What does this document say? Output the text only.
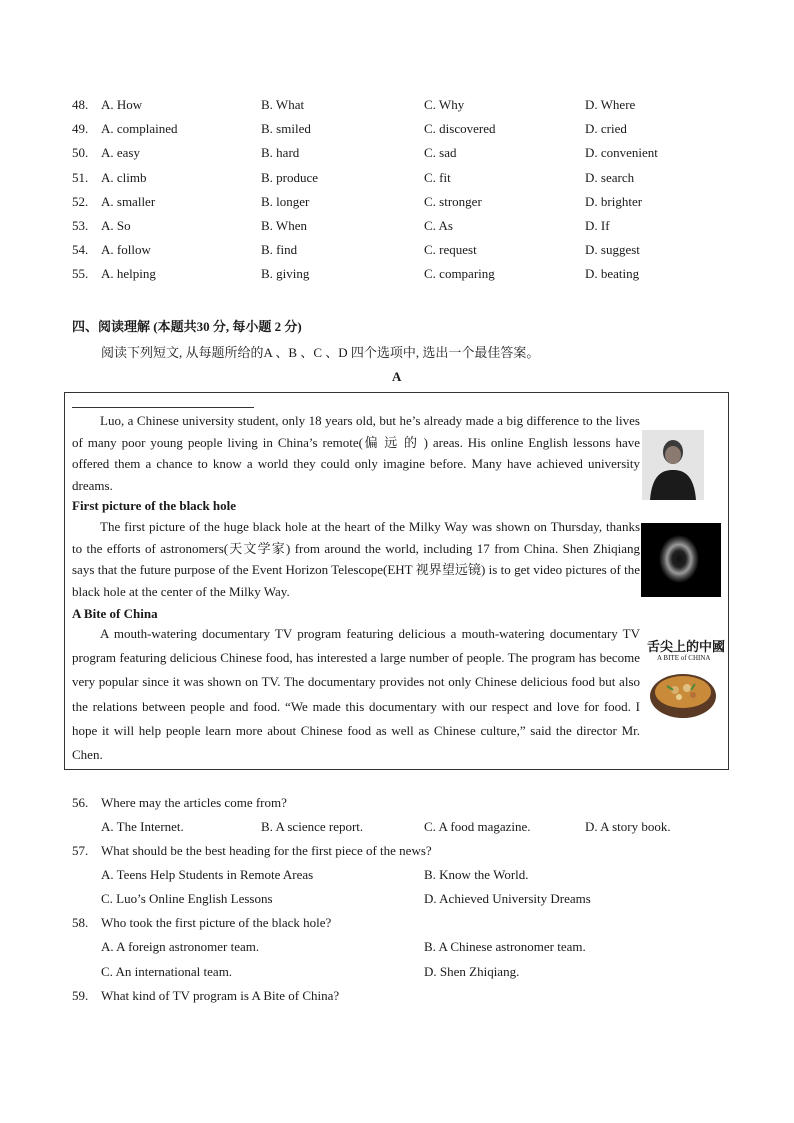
48. A. How	B. What	C. Why	D. Where
49. A. complained	B. smiled	C. discovered	D. cried
50. A. easy	B. hard	C. sad	D. convenient
51. A. climb	B. produce	C. fit	D. search
52. A. smaller	B. longer	C. stronger	D. brighter
53. A. So	B. When	C. As	D. If
54. A. follow	B. find	C. request	D. suggest
55. A. helping	B. giving	C. comparing	D. beating
四、阅读理解 (本题共30 分, 每小题 2 分)
阅读下列短文, 从每题所给的A 、B 、C 、D 四个选项中, 选出一个最佳答案。
A
Luo, a Chinese university student, only 18 years old, but he’s already made a big difference to the lives of many poor young people living in China’s remote(偏 远 的 ) areas. His online English lessons have offered them a chance to know a world they could only imagine before. Many have achieved university dreams.
First picture of the black hole
The first picture of the huge black hole at the heart of the Milky Way was shown on Thursday, thanks to the efforts of astronomers(天文学家) from around the world, including 17 from China. Shen Zhiqiang says that the future purpose of the Event Horizon Telescope(EHT 视界望远镜) is to get video pictures of the black hole at the center of the Milky Way.
A Bite of China
A mouth-watering documentary TV program featuring delicious a mouth-watering documentary TV program featuring delicious Chinese food, has interested a large number of people. The program has become very popular since it was shown on TV. The documentary provides not only Chinese delicious food but also the relations between people and food. “We made this documentary with our respect and love for food. I hope it will help people learn more about Chinese food as well as Chinese culture,” said the director Mr. Chen.
舌尖上的中國
A BITE of CHINA
56. Where may the articles come from?
A. The Internet.	B. A science report.	C. A food magazine.	D. A story book.
57. What should be the best heading for the first piece of the news?
A. Teens Help Students in Remote Areas	B. Know the World.
C. Luo’s Online English Lessons	D. Achieved University Dreams
58. Who took the first picture of the black hole?
A. A foreign astronomer team.	B. A Chinese astronomer team.
C. An international team.	D. Shen Zhiqiang.
59. What kind of TV program is A Bite of China?
